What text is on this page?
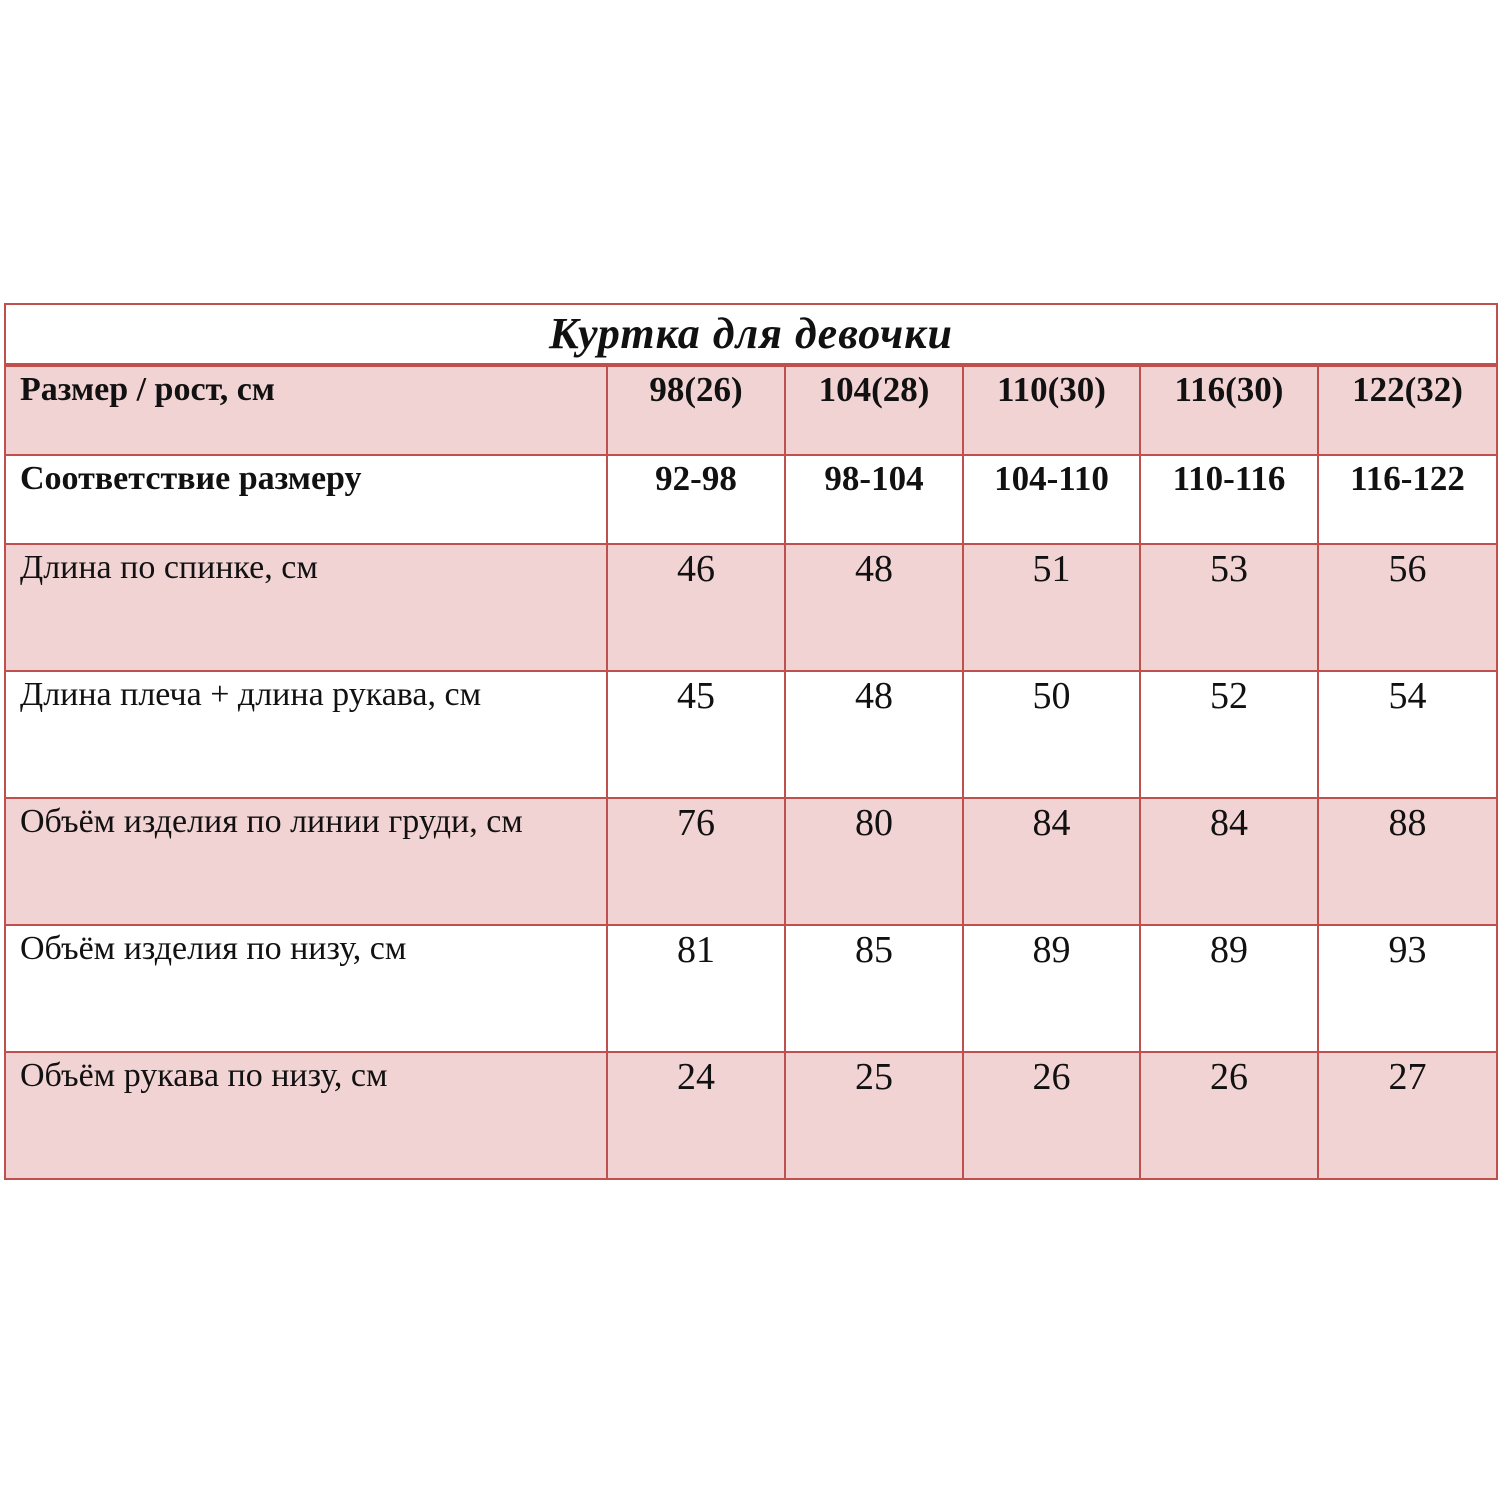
Куртка для девочки					
Размер / рост, см	98(26)	104(28)	110(30)	116(30)	122(32)
Соответствие размеру	92-98	98-104	104-110	110-116	116-122
Длина по спинке, см	46	48	51	53	56
Длина плеча + длина рукава, см	45	48	50	52	54
Объём изделия по линии груди, см	76	80	84	84	88
Объём изделия по низу, см	81	85	89	89	93
Объём рукава по низу, см	24	25	26	26	27
